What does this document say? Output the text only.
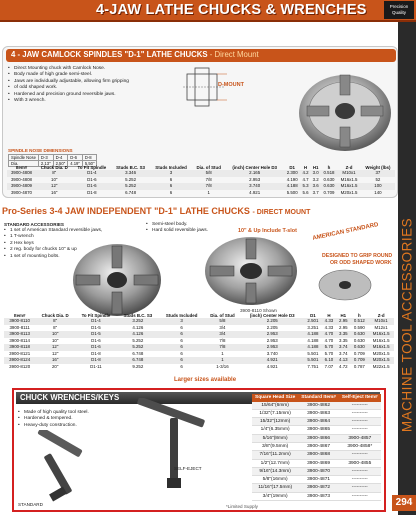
4-JAW LATHE CHUCKS & WRENCHES	Precision Quality
MACHINE TOOL ACCESSORIES
294
4 - JAW CAMLOCK SPINDLES "D-1" LATHE CHUCKS - Direct Mount
• Direct Mounting chuck with Camlock Nose.
• Body made of high grade semi-steel.
• Jaws are individually adjustable, allowing firm gripping
• of odd shaped work.
• Hardened and precision ground reversible jaws.
• With 3 wrench.
D-MOUNT
SPINDLE NOSE DIMENSIONS
Spindle Nose	D-3	D-4	D-6	D-8
Dia.	2.13"	2.50"	4.19"	5.50"
Item#	Chuck Dia. D	To Fit Spindle	Studs B.C. S3	Studs Included	Dia. of Stud	(inch) Center Hole D3	D1	H	H1	h	Z-d	Weight (lbs)
3900-4808	8"	D1-4	3.346	3	5/8	2.165	2.300	4.2	3.0	0.518	M10x1	37
3900-4808	10"	D1-6	5.252	6	7/8	2.953	4.190	4.7	3.2	0.630	M16x1.5	52
3900-4809	12"	D1-6	5.252	6	7/8	3.740	4.188	5.3	3.6	0.630	M16x1.5	100
3900-4870	16"	D1-8	6.748	6	1	4.921	5.500	5.6	3.7	0.709	M20x1.5	140
Pro-Series 3-4 JAW INDEPENDENT "D-1" LATHE CHUCKS - DIRECT MOUNT
STANDARD ACCESSORIES
• 1 set of American Standard reversible jaws,
• 1 T-wrench
• 2 Hex keys
• 2 reg. body for chucks 10" & up
• 1 set of mounting bolts.
• Semi-steel body.
• Hard solid reversible jaws.	10" & Up Include T-slot	AMERICAN STANDARD
DESIGNED TO GRIP ROUND
OR ODD SHAPED WORK
3900-8110 Shown
Item#	Chuck Dia. D	To Fit Spindle	Studs B.C. S3	Studs Included	Dia. of Stud	(inch) Center Hole D3	D1	H	H1	h	Z-d
3900-8110	8"	D1-4	3.252	3	5/8	2.205	2.501	4.33	2.95	0.512	M10x1
3900-8111	8"	D1-5	4.126	6	3/4	2.205	3.251	4.33	2.95	0.590	M12x1
3900-8113	10"	D1-5	4.126	6	3/4	2.953	4.188	4.70	3.35	0.630	M16x1.5
3900-8114	10"	D1-6	5.252	6	7/8	2.953	4.188	4.70	3.35	0.630	M16x1.5
3900-8118	12"	D1-6	5.252	6	7/8	2.953	4.188	5.70	3.74	0.630	M16x1.5
3900-8121	12"	D1-8	6.748	6	1	3.740	5.501	5.70	3.74	0.709	M20x1.5
3900-8124	16"	D1-8	6.748	6	1	4.921	5.501	6.10	4.13	0.709	M20x1.5
3900-8120	20"	D1-11	9.252	6	1-3/16	4.921	7.751	7.07	4.72	0.787	M22x1.5
Larger sizes available
CHUCK WRENCHES/KEYS
• Made of high quality tool steel.
• Hardened & tempered.
• Heavy-duty construction.
SELF-EJECT
STANDARD	*Limited Supply
Square Head Size	Standard Item#	Self-Eject Item#
15/64"(6mm)	3900-4862	----------
1/32"(7.15mm)	3900-4863	----------
15/32"(12mm)	3900-4864	----------
1/4"(6.35mm)	3900-4865	----------
5/16"(8mm)	3900-4866	3900-4857
3/8"(9.5mm)	3900-4867	3900-4858*
7/16"(11.2mm)	3900-4868	----------
1/2"(12.7mm)	3900-4869	3900-4855
9/16"(14.3mm)	3900-4870	----------
5/8"(16mm)	3900-4871	----------
11/16"(17.5mm)	3900-4872	----------
3/4"(19mm)	3900-4873	----------
